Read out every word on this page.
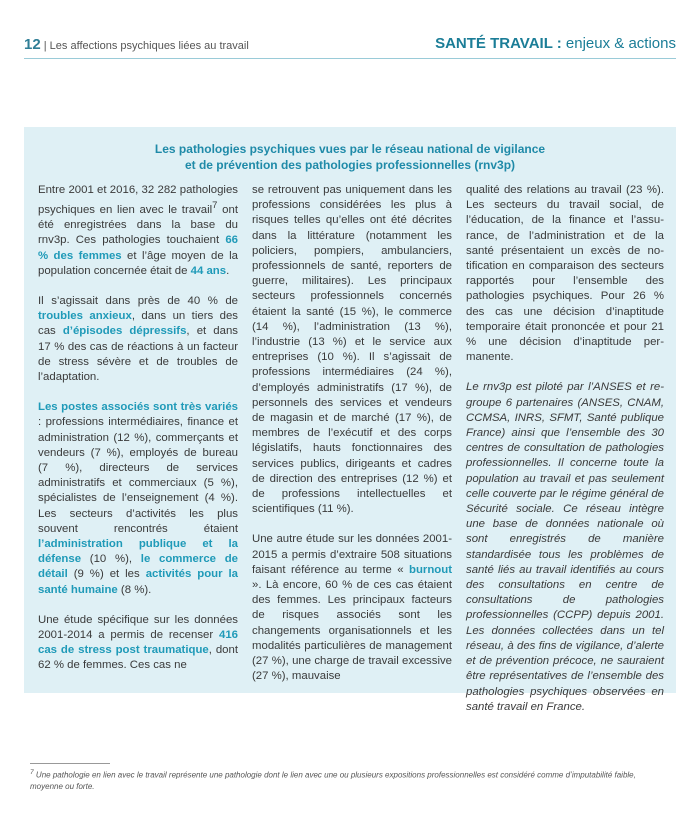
12 | Les affections psychiques liées au travail	SANTÉ TRAVAIL : enjeux & actions
Les pathologies psychiques vues par le réseau national de vigilance
et de prévention des pathologies professionnelles (rnv3p)

Entre 2001 et 2016, 32 282 pathologies psychiques en lien avec le travail$^7$ ont été enregistrées dans la base du rnv3p. Ces pathologies touchaient 66 % des femmes et l’âge moyen de la population concernée était de 44 ans.

Il s’agissait dans près de 40 % de troubles anxieux, dans un tiers des cas d’épisodes dépressifs, et dans 17 % des cas de réactions à un facteur de stress sévère et de troubles de l’adaptation.

Les postes associés sont très variés : professions intermédiaires, finance et administration (12 %), commerçants et vendeurs (7 %), employés de bureau (7 %), directeurs de services administratifs et commerciaux (5 %), spécialistes de l’enseignement (4 %). Les secteurs d’activités les plus souvent rencontrés étaient l’administration publique et la défense (10 %), le commerce de détail (9 %) et les activités pour la santé humaine (8 %).

Une étude spécifique sur les données 2001-2014 a permis de recenser 416 cas de stress post traumatique, dont 62 % de femmes. Ces cas ne

se retrouvent pas uniquement dans les professions considérées les plus à risques telles qu’elles ont été décrites dans la littérature (notamment les policiers, pompiers, ambulanciers, professionnels de santé, reporters de guerre, militaires). Les principaux secteurs professionnels concernés étaient la santé (15 %), le commerce (14 %), l’administration (13 %), l’industrie (13 %) et le service aux entreprises (10 %). Il s’agissait de professions intermédiaires (24 %), d’employés administratifs (17 %), de personnels des services et vendeurs de magasin et de marché (17 %), de membres de l’exécutif et des corps législatifs, hauts fonctionnaires des services publics, dirigeants et cadres de direction des entreprises (12 %) et de professions intellectuelles et scientifiques (11 %).

Une autre étude sur les données 2001-2015 a permis d’extraire 508 situations faisant référence au terme « burnout ». Là encore, 60 % de ces cas étaient des femmes. Les principaux facteurs de risques associés sont les changements organisationnels et les modalités particulières de management (27 %), une charge de travail excessive (27 %), mauvaise

qualité des relations au travail (23 %). Les secteurs du travail social, de l’éducation, de la finance et l’assurance, de l’administration et de la santé présentaient un excès de notification en comparaison des secteurs rapportés pour l’ensemble des pathologies psychiques. Pour 26 % des cas une décision d’inaptitude temporaire était prononcée et pour 21 % une décision d’inaptitude permanente.

Le rnv3p est piloté par l’ANSES et regroupe 6 partenaires (ANSES, CNAM, CCMSA, INRS, SFMT, Santé publique France) ainsi que l’ensemble des 30 centres de consultation de pathologies professionnelles. Il concerne toute la population au travail et pas seulement celle couverte par le régime général de Sécurité sociale. Ce réseau intègre une base de données nationale où sont enregistrés de manière standardisée tous les problèmes de santé liés au travail identifiés au cours des consultations en centre de consultations de pathologies professionnelles (CCPP) depuis 2001. Les données collectées dans un tel réseau, à des fins de vigilance, d’alerte et de prévention précoce, ne sauraient être représentatives de l’ensemble des pathologies psychiques observées en santé travail en France.

$^7$ Une pathologie en lien avec le travail représente une pathologie dont le lien avec une ou plusieurs expositions professionnelles est considéré comme d’imputabilité faible, moyenne ou forte.
